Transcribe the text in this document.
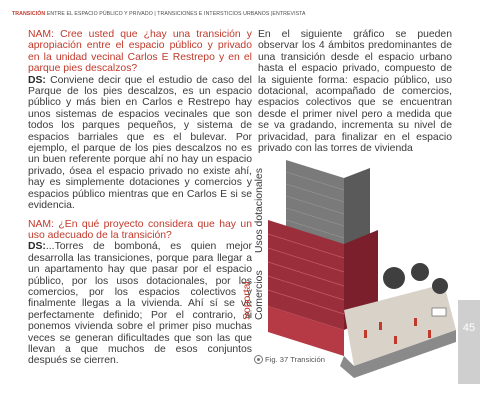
TRANSICIÓN ENTRE EL ESPACIO PÚBLICO Y PRIVADO | TRANSICIONES E INTERSTICIOS URBANOS |ENTREVISTA

NAM: Cree usted que ¿hay una transición y apropiación entre el espacio público y privado en la unidad vecinal Carlos E Restrepo y en el parque pies descalzos?
DS: Conviene decir que el estudio de caso del Parque de los pies descalzos, es un espacio público y más bien en Carlos e Restrepo hay unos sistemas de espacios vecinales que son todos los parques pequeños, y sistema de espacios barriales que es el bulevar. Por ejemplo, el parque de los pies descalzos no es un buen referente porque ahí no hay un espacio privado, ósea el espacio privado no existe ahí, hay es simplemente dotaciones y comercios y espacios público mientras que en Carlos E si se evidencia.

NAM: ¿En qué proyecto considera que hay un uso adecuado de la transición?
DS:...Torres de bomboná, es quien mejor desarrolla las transiciones, porque para llegar a un apartamento hay que pasar por el espacio público, por los usos dotacionales, por los comercios, por los espacios colectivos y finalmente llegas a la vivienda. Ahí sí se ve perfectamente definido; Por el contrario, si ponemos vivienda sobre el primer piso muchas veces se generan dificultades que son las que llevan a que muchos de esos conjuntos después se cierren.

En el siguiente gráfico se pueden observar los 4 ámbitos predominantes de una transición desde el espacio urbano hasta el espacio privado, compuesto de la siguiente forma: espacio público, uso dotacional, acompañado de comercios, espacios colectivos que se encuentran desde el primer nivel pero a medida que se va gradando, incrementa su nivel de privacidad, para finalizar en el espacio privado con las torres de vivienda

Usos dotacionales
Soportal Comercios
Fig. 37 Transición
45
